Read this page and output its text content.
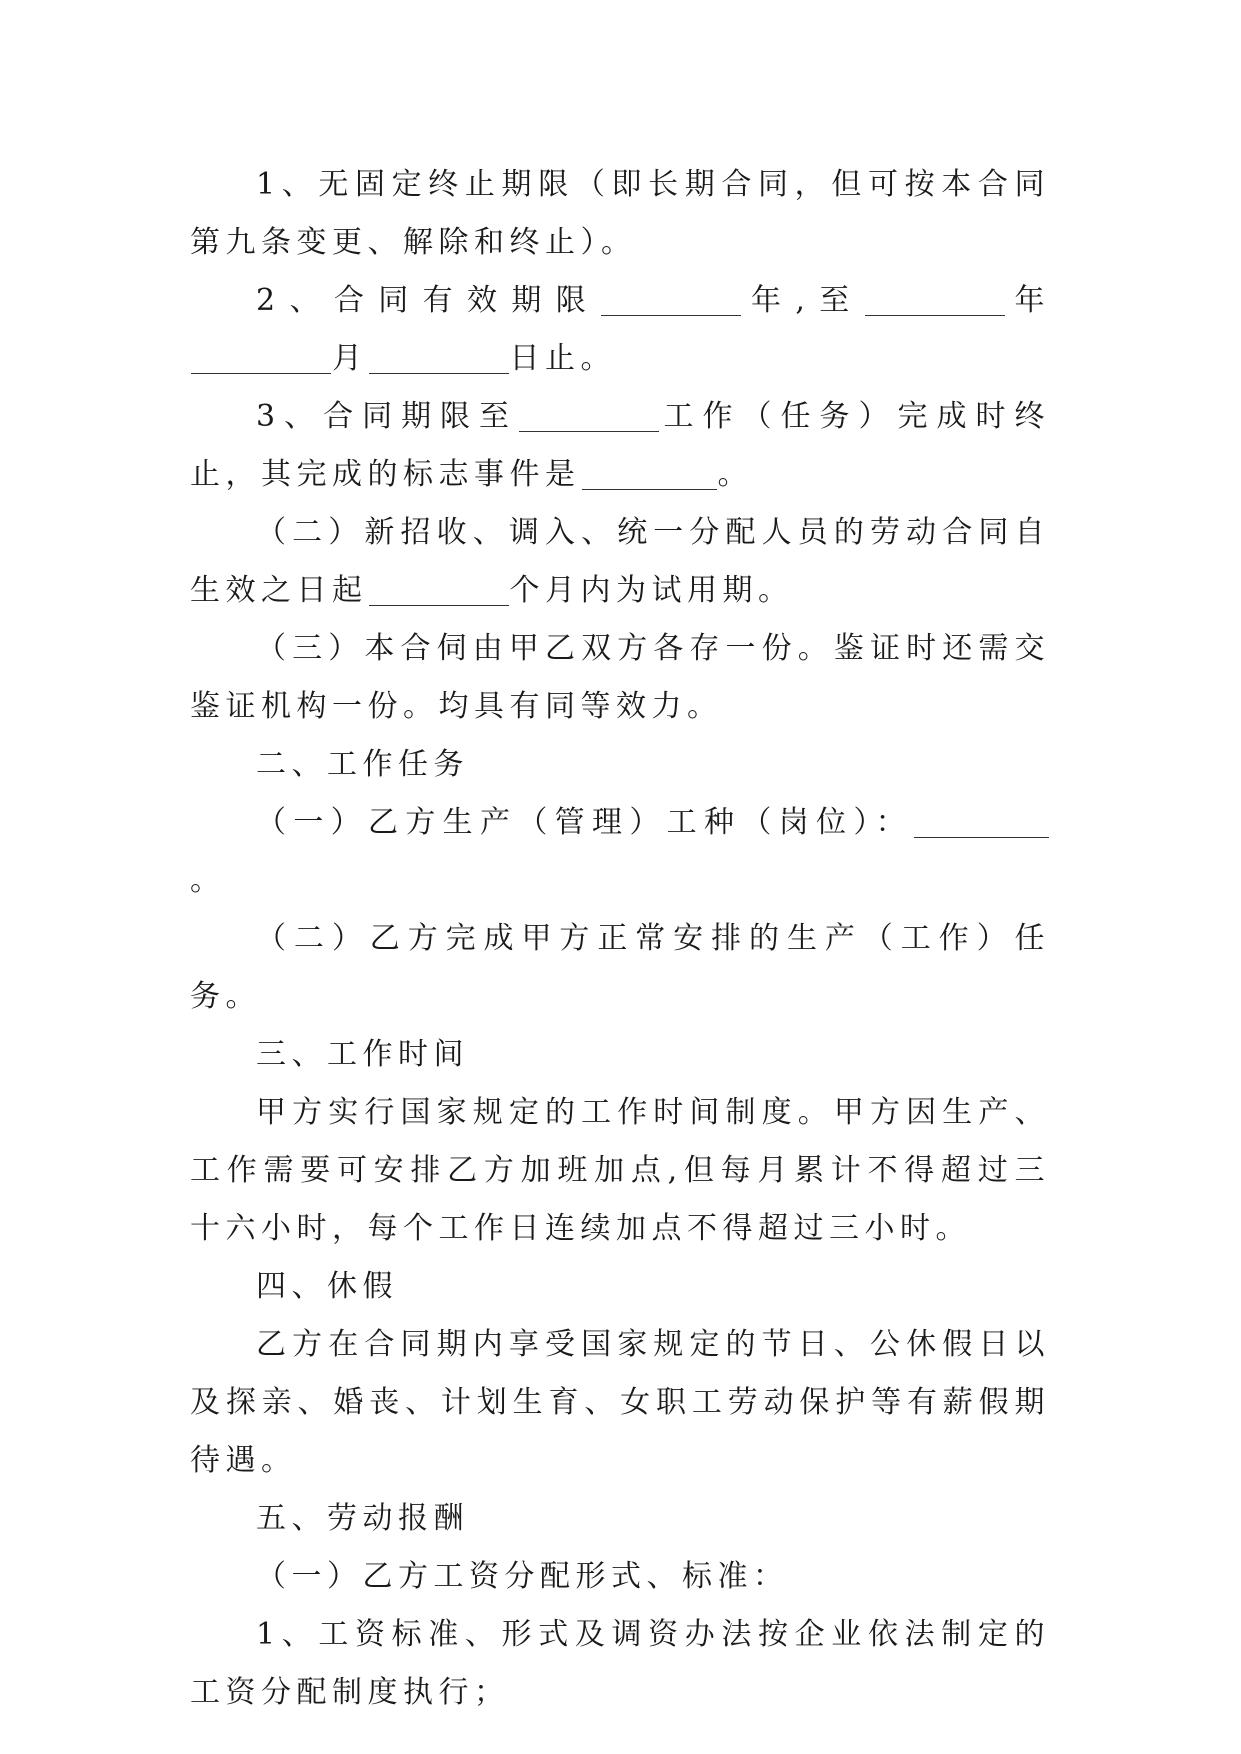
1、无固定终止期限（即长期合同，但可按本合同第九条变更、解除和终止）。

2、合同有效期限	年,至	年月	日止。

3、合同期限至	工作（任务）完成时终止，其完成的标志事件是	。

（二）新招收、调入、统一分配人员的劳动合同自生效之日起	个月内为试用期。

（三）本合伺由甲乙双方各存一份。鉴证时还需交鉴证机构一份。均具有同等效力。

二、工作任务

（一）乙方生产（管理）工种（岗位）：。

（二）乙方完成甲方正常安排的生产（工作）任务。

三、工作时间

甲方实行国家规定的工作时间制度。甲方因生产、工作需要可安排乙方加班加点,但每月累计不得超过三十六小时，每个工作日连续加点不得超过三小时。

四、休假

乙方在合同期内享受国家规定的节日、公休假日以及探亲、婚丧、计划生育、女职工劳动保护等有薪假期待遇。

五、劳动报酬

（一）乙方工资分配形式、标准：

1、工资标准、形式及调资办法按企业依法制定的工资分配制度执行；
